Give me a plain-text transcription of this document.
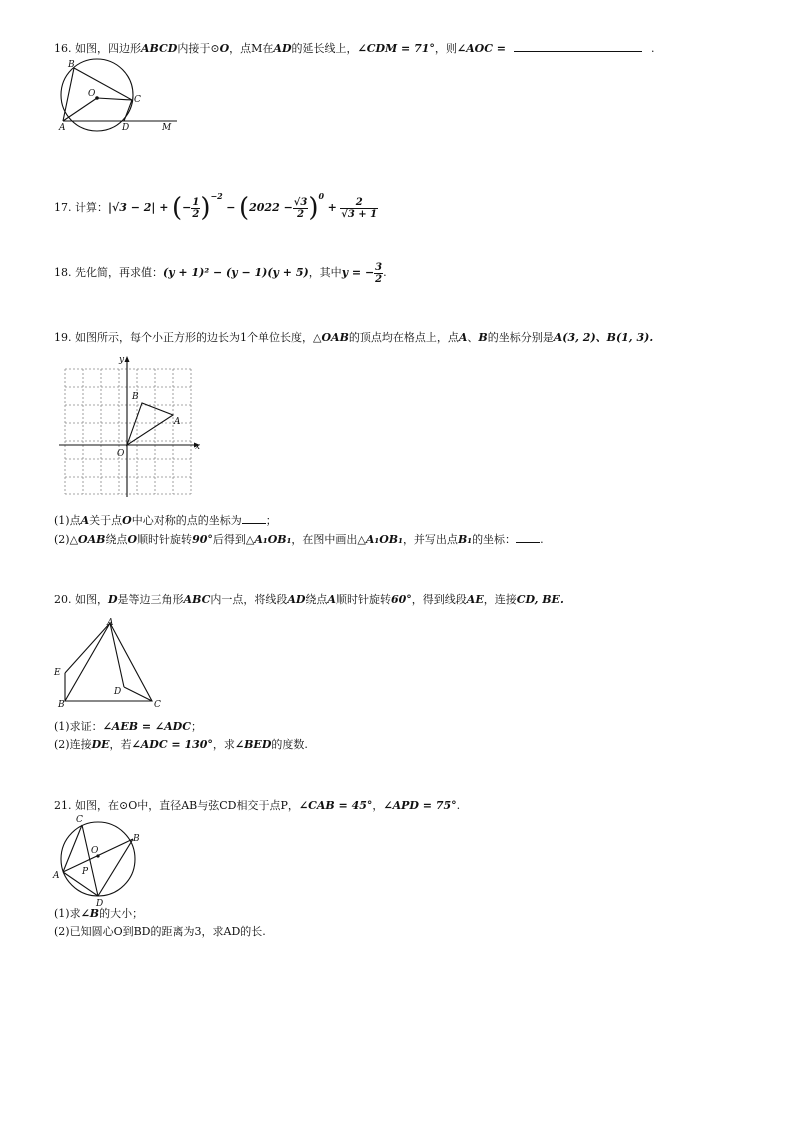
16. 如图，四边形ABCD内接于⊙O，点M在AD的延长线上，∠CDM = 71°，则∠AOC =	.
B
O
C
A	D	M
17. 计算：|√3 − 2| + (− $\frac{1}{2} )^{-2} - (2022 - \frac{√3}{2} )^0 + \frac{2}{√3 + 1}$
18. 先化简，再求值：(y + 1)² − (y − 1)(y + 5)，其中y = − $\frac{3}{2}$ .
19. 如图所示，每个小正方形的边长为1个单位长度，△OAB的顶点均在格点上，点A、B的坐标分别是A(3, 2)、B(1, 3).
y
x
O
A
B
(1)点A关于点O中心对称的点的坐标为 ；
(2)△OAB绕点O顺时针旋转90°后得到△A₁OB₁，在图中画出△A₁OB₁，并写出点B₁的坐标： .
20. 如图，D是等边三角形ABC内一点，将线段AD绕点A顺时针旋转60°，得到线段AE，连接CD, BE.
A
E
D
B	C
(1)求证：∠AEB = ∠ADC；
(2)连接DE，若∠ADC = 130°，求∠BED的度数.
21. 如图，在⊙O中，直径AB与弦CD相交于点P，∠CAB = 45°，∠APD = 75°.
C
B
O
A	P
D
(1)求∠B的大小；
(2)已知圆心O到BD的距离为3，求AD的长.
